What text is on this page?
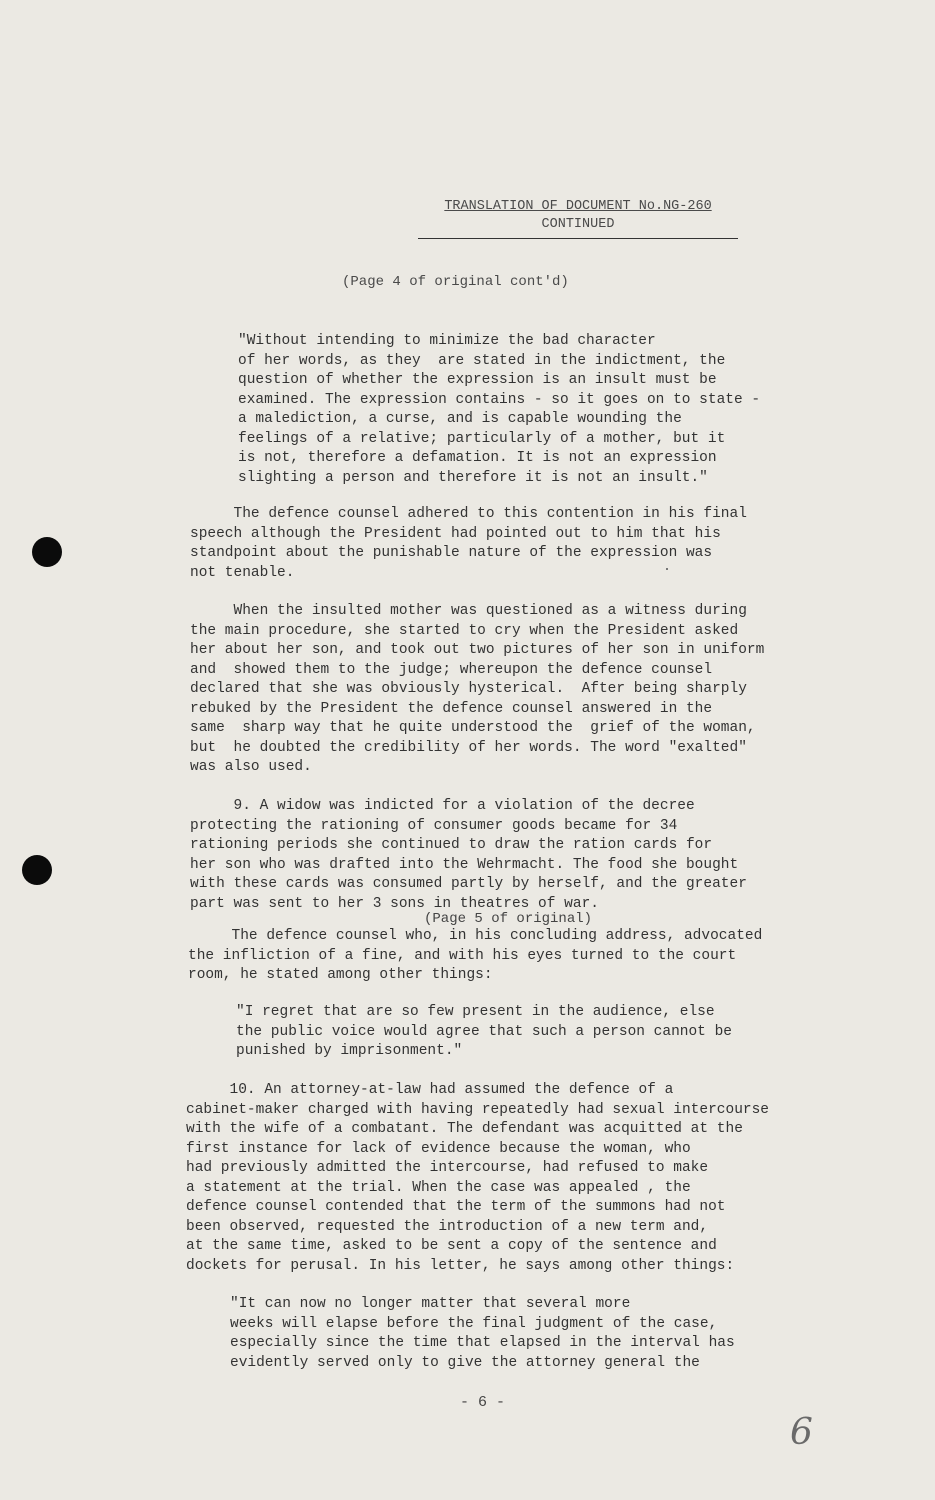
TRANSLATION OF DOCUMENT No.NG-260
CONTINUED
(Page 4 of original cont'd)
"Without intending to minimize the bad character
of her words, as they  are stated in the indictment, the
question of whether the expression is an insult must be
examined. The expression contains - so it goes on to state -
a malediction, a curse, and is capable wounding the
feelings of a relative; particularly of a mother, but it
is not, therefore a defamation. It is not an expression
slighting a person and therefore it is not an insult."
The defence counsel adhered to this contention in his final
speech although the President had pointed out to him that his
standpoint about the punishable nature of the expression was
not tenable.
When the insulted mother was questioned as a witness during
the main procedure, she started to cry when the President asked
her about her son, and took out two pictures of her son in uniform
and  showed them to the judge; whereupon the defence counsel
declared that she was obviously hysterical.  After being sharply
rebuked by the President the defence counsel answered in the
same  sharp way that he quite understood the  grief of the woman,
but  he doubted the credibility of her words. The word "exalted"
was also used.
9. A widow was indicted for a violation of the decree
protecting the rationing of consumer goods became for 34
rationing periods she continued to draw the ration cards for
her son who was drafted into the Wehrmacht. The food she bought
with these cards was consumed partly by herself, and the greater
part was sent to her 3 sons in theatres of war.
(Page 5 of original)
The defence counsel who, in his concluding address, advocated
the infliction of a fine, and with his eyes turned to the court
room, he stated among other things:
"I regret that are so few present in the audience, else
the public voice would agree that such a person cannot be
punished by imprisonment."
10. An attorney-at-law had assumed the defence of a
cabinet-maker charged with having repeatedly had sexual intercourse
with the wife of a combatant. The defendant was acquitted at the
first instance for lack of evidence because the woman, who
had previously admitted the intercourse, had refused to make
a statement at the trial. When the case was appealed , the
defence counsel contended that the term of the summons had not
been observed, requested the introduction of a new term and,
at the same time, asked to be sent a copy of the sentence and
dockets for perusal. In his letter, he says among other things:
"It can now no longer matter that several more
weeks will elapse before the final judgment of the case,
especially since the time that elapsed in the interval has
evidently served only to give the attorney general the
- 6 -
6
